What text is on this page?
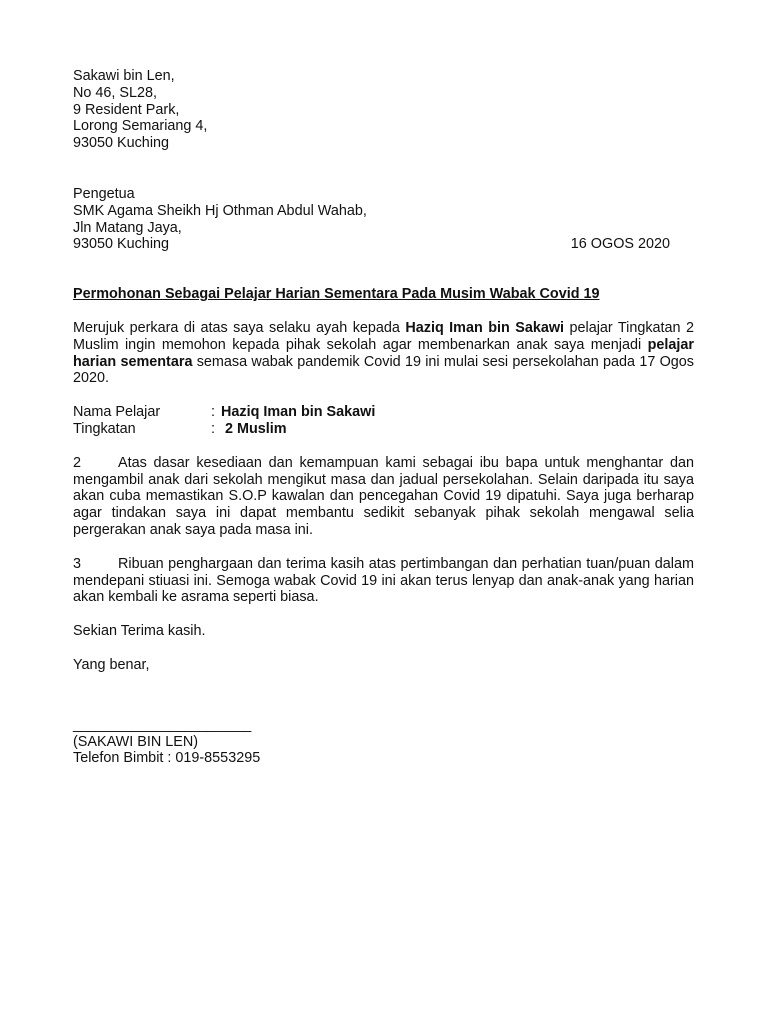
Sakawi bin Len,
No 46, SL28,
9 Resident Park,
Lorong Semariang 4,
93050 Kuching
Pengetua
SMK Agama Sheikh Hj Othman Abdul Wahab,
Jln Matang Jaya,
93050 Kuching	16 OGOS 2020
Permohonan Sebagai Pelajar Harian Sementara Pada Musim Wabak Covid 19
Merujuk perkara di atas saya selaku ayah kepada Haziq Iman bin Sakawi pelajar Tingkatan 2 Muslim ingin memohon kepada pihak sekolah agar membenarkan anak saya menjadi pelajar harian sementara semasa wabak pandemik Covid 19 ini mulai sesi persekolahan pada 17 Ogos 2020.
Nama Pelajar	: Haziq Iman bin Sakawi
Tingkatan	: 2 Muslim
2	Atas dasar kesediaan dan kemampuan kami sebagai ibu bapa untuk menghantar dan mengambil anak dari sekolah mengikut masa dan jadual persekolahan. Selain daripada itu saya akan cuba memastikan S.O.P kawalan dan pencegahan Covid 19 dipatuhi. Saya juga berharap agar tindakan saya ini dapat membantu sedikit sebanyak pihak sekolah mengawal selia pergerakan anak saya pada masa ini.
3	Ribuan penghargaan dan terima kasih atas pertimbangan dan perhatian tuan/puan dalam mendepani stiuasi ini. Semoga wabak Covid 19 ini akan terus lenyap dan anak-anak yang harian akan kembali ke asrama seperti biasa.
Sekian Terima kasih.
Yang benar,
________________________
(SAKAWI BIN LEN)
Telefon Bimbit : 019-8553295
